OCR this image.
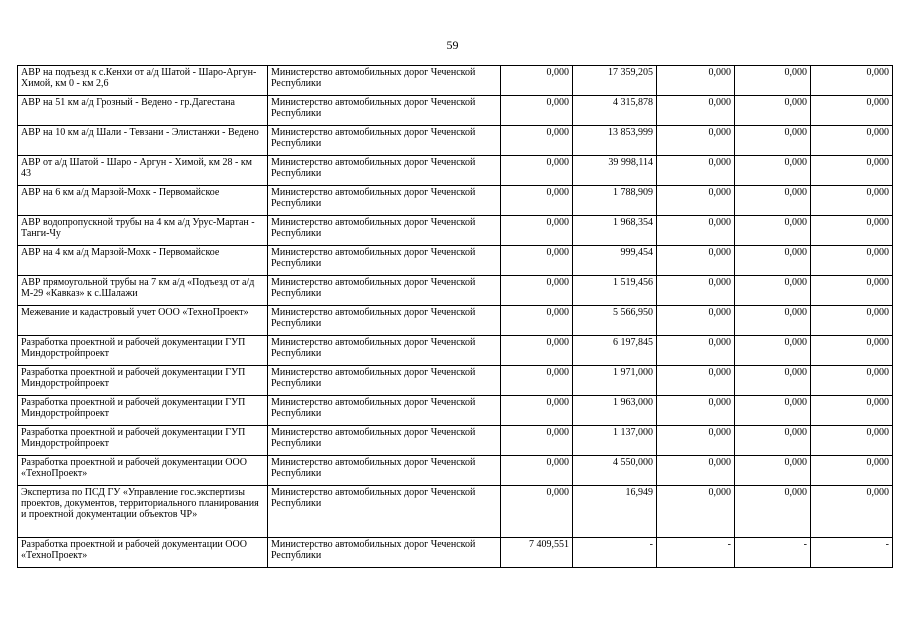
59
АВР на подъезд к с.Кенхи от а/д Шатой - Шаро-Аргун-Химой, км 0 - км 2,6	Министерство автомобильных дорог Чеченской Республики	0,000	17 359,205	0,000	0,000	0,000
АВР на 51 км а/д Грозный - Ведено - гр.Дагестана	Министерство автомобильных дорог Чеченской Республики	0,000	4 315,878	0,000	0,000	0,000
АВР на 10 км а/д Шали - Тевзани - Элистанжи - Ведено	Министерство автомобильных дорог Чеченской Республики	0,000	13 853,999	0,000	0,000	0,000
АВР от а/д Шатой - Шаро - Аргун - Химой, км 28 - км 43	Министерство автомобильных дорог Чеченской Республики	0,000	39 998,114	0,000	0,000	0,000
АВР на 6 км а/д Марзой-Мохк - Первомайское	Министерство автомобильных дорог Чеченской Республики	0,000	1 788,909	0,000	0,000	0,000
АВР водопропускной трубы на 4 км а/д Урус-Мартан - Танги-Чу	Министерство автомобильных дорог Чеченской Республики	0,000	1 968,354	0,000	0,000	0,000
АВР на 4 км а/д Марзой-Мохк - Первомайское	Министерство автомобильных дорог Чеченской Республики	0,000	999,454	0,000	0,000	0,000
АВР прямоугольной трубы на 7 км а/д «Подъезд от а/д М-29 «Кавказ» к с.Шалажи	Министерство автомобильных дорог Чеченской Республики	0,000	1 519,456	0,000	0,000	0,000
Межевание и кадастровый учет ООО «ТехноПроект»	Министерство автомобильных дорог Чеченской Республики	0,000	5 566,950	0,000	0,000	0,000
Разработка проектной и рабочей документации ГУП Миндорстройпроект	Министерство автомобильных дорог Чеченской Республики	0,000	6 197,845	0,000	0,000	0,000
Разработка проектной и рабочей документации ГУП Миндорстройпроект	Министерство автомобильных дорог Чеченской Республики	0,000	1 971,000	0,000	0,000	0,000
Разработка проектной и рабочей документации ГУП Миндорстройпроект	Министерство автомобильных дорог Чеченской Республики	0,000	1 963,000	0,000	0,000	0,000
Разработка проектной и рабочей документации ГУП Миндорстройпроект	Министерство автомобильных дорог Чеченской Республики	0,000	1 137,000	0,000	0,000	0,000
Разработка проектной и рабочей документации ООО «ТехноПроект»	Министерство автомобильных дорог Чеченской Республики	0,000	4 550,000	0,000	0,000	0,000
Экспертиза по ПСД ГУ «Управление гос.экспертизы проектов, документов, территориального планирования и проектной документации объектов ЧР»	Министерство автомобильных дорог Чеченской Республики	0,000	16,949	0,000	0,000	0,000
Разработка проектной и рабочей документации ООО «ТехноПроект»	Министерство автомобильных дорог Чеченской Республики	7 409,551	-	-	-	-
